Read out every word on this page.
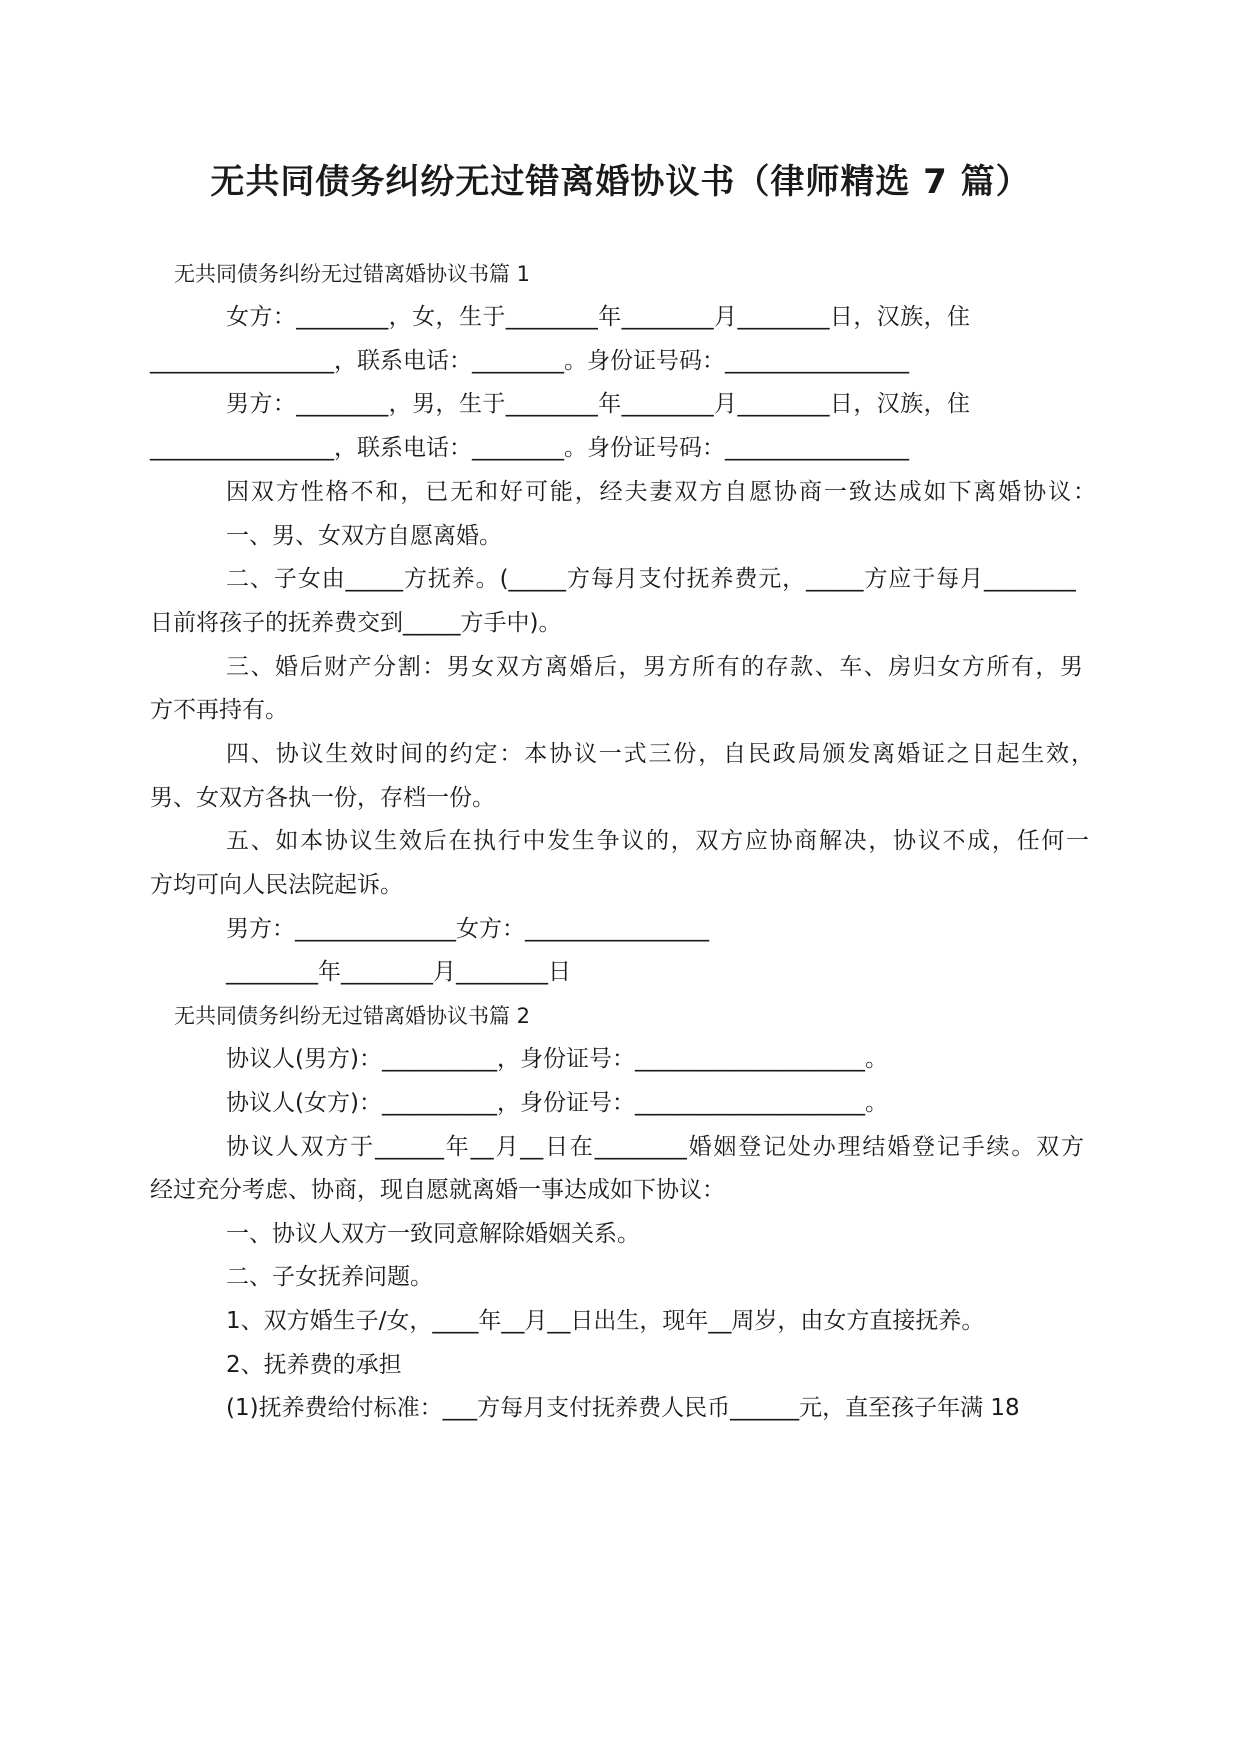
无共同债务纠纷无过错离婚协议书（律师精选 7 篇）

无共同债务纠纷无过错离婚协议书篇 1

女方：________，女，生于________年________月________日，汉族，住

________________，联系电话：________。身份证号码：________________

男方：________，男，生于________年________月________日，汉族，住

________________，联系电话：________。身份证号码：________________

因双方性格不和，已无和好可能，经夫妻双方自愿协商一致达成如下离婚协议：

一、男、女双方自愿离婚。

二、子女由_____方抚养。(_____方每月支付抚养费元，_____方应于每月________

日前将孩子的抚养费交到_____方手中)。

三、婚后财产分割：男女双方离婚后，男方所有的存款、车、房归女方所有，男

方不再持有。

四、协议生效时间的约定：本协议一式三份，自民政局颁发离婚证之日起生效，

男、女双方各执一份，存档一份。

五、如本协议生效后在执行中发生争议的，双方应协商解决，协议不成，任何一

方均可向人民法院起诉。

男方：______________女方：________________

________年________月________日

无共同债务纠纷无过错离婚协议书篇 2

协议人(男方)：__________，身份证号：____________________。

协议人(女方)：__________，身份证号：____________________。

协议人双方于______年__月__日在________婚姻登记处办理结婚登记手续。双方

经过充分考虑、协商，现自愿就离婚一事达成如下协议：

一、协议人双方一致同意解除婚姻关系。

二、子女抚养问题。

1、双方婚生子/女，____年__月__日出生，现年__周岁，由女方直接抚养。

2、抚养费的承担

(1)抚养费给付标准：___方每月支付抚养费人民币______元，直至孩子年满 18
